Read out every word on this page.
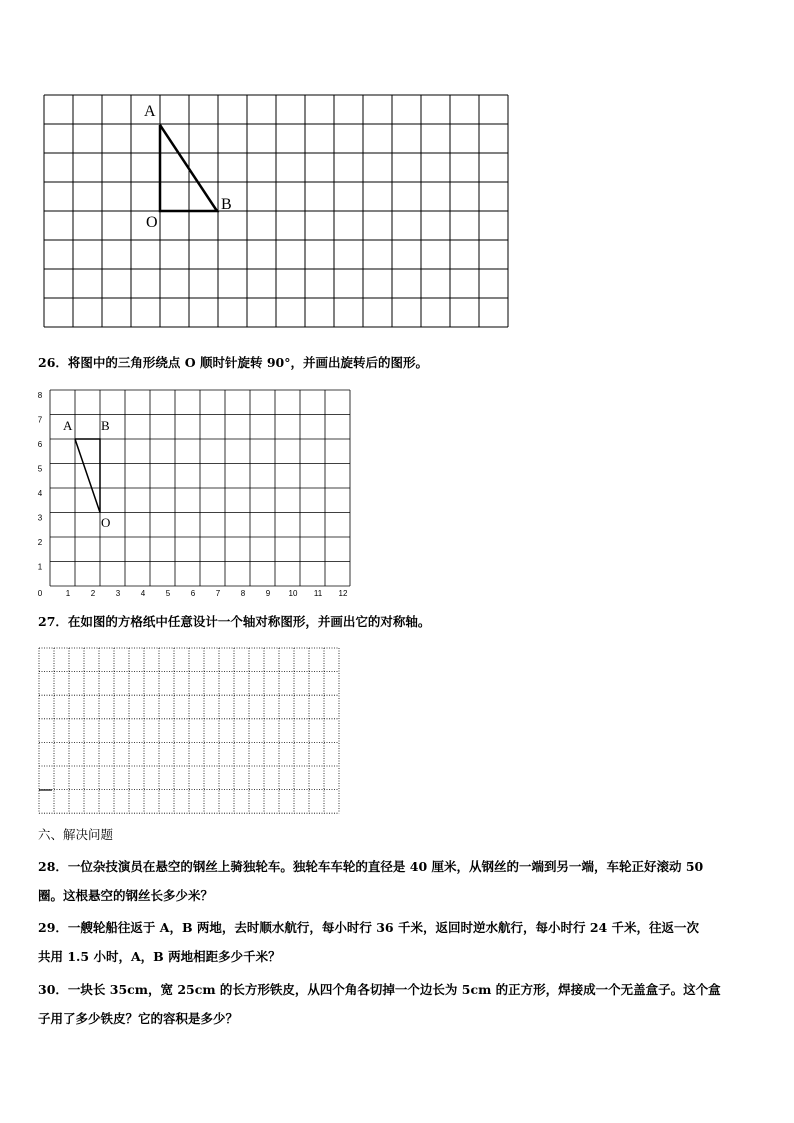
A
B
O
26．将图中的三角形绕点 O 顺时针旋转 90°，并画出旋转后的图形。
0	1	2	3	4	5	6	7	8	9 10 11 12
1
2
3
4
5
6
7
8
A B
O
27．在如图的方格纸中任意设计一个轴对称图形，并画出它的对称轴。
六、解决问题
28．一位杂技演员在悬空的钢丝上骑独轮车。独轮车车轮的直径是 40 厘米，从钢丝的一端到另一端，车轮正好滚动 50
圈。这根悬空的钢丝长多少米？
29．一艘轮船往返于 A，B 两地，去时顺水航行，每小时行 36 千米，返回时逆水航行，每小时行 24 千米，往返一次
共用 1.5 小时，A，B 两地相距多少千米？
30．一块长 35cm，宽 25cm 的长方形铁皮，从四个角各切掉一个边长为 5cm 的正方形，焊接成一个无盖盒子。这个盒
子用了多少铁皮？它的容积是多少？
